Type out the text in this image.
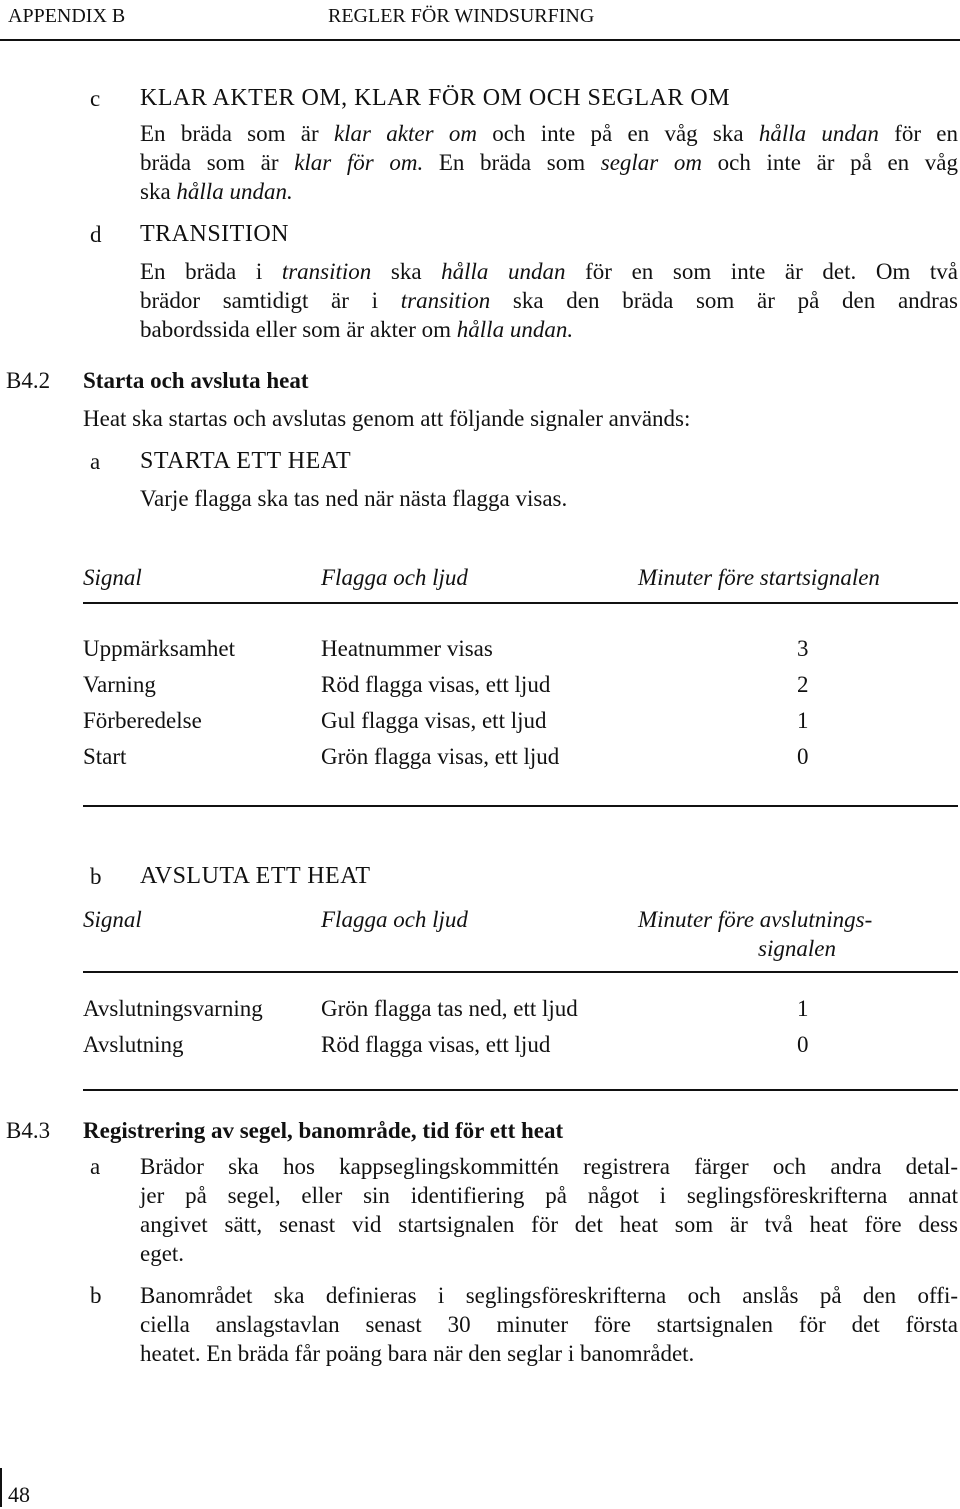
APPENDIX B	REGLER FÖR WINDSURFING
c KLAR AKTER OM, KLAR FÖR OM OCH SEGLAR OM
En bräda som är klar akter om och inte på en våg ska hålla undan för en
bräda som är klar för om. En bräda som seglar om och inte är på en våg
ska hålla undan.
d TRANSITION
En bräda i transition ska hålla undan för en som inte är det. Om två
brädor samtidigt är i transition ska den bräda som är på den andras
babordssida eller som är akter om hålla undan.
B4.2 Starta och avsluta heat
Heat ska startas och avslutas genom att följande signaler används:
a STARTA ETT HEAT
Varje flagga ska tas ned när nästa flagga visas.
Signal	Flagga och ljud	Minuter före startsignalen
Uppmärksamhet	Heatnummer visas	3
Varning	Röd flagga visas, ett ljud	2
Förberedelse	Gul flagga visas, ett ljud	1
Start	Grön flagga visas, ett ljud	0
b AVSLUTA ETT HEAT
Signal	Flagga och ljud	Minuter före avslutnings-
signalen
Avslutningsvarning	Grön flagga tas ned, ett ljud	1
Avslutning	Röd flagga visas, ett ljud	0
B4.3 Registrering av segel, banområde, tid för ett heat
a Brädor ska hos kappseglingskommittén registrera färger och andra detal-
jer på segel, eller sin identifiering på något i seglingsföreskrifterna annat
angivet sätt, senast vid startsignalen för det heat som är två heat före dess
eget.
b Banområdet ska definieras i seglingsföreskrifterna och anslås på den offi-
ciella anslagstavlan senast 30 minuter före startsignalen för det första
heatet. En bräda får poäng bara när den seglar i banområdet.
48
